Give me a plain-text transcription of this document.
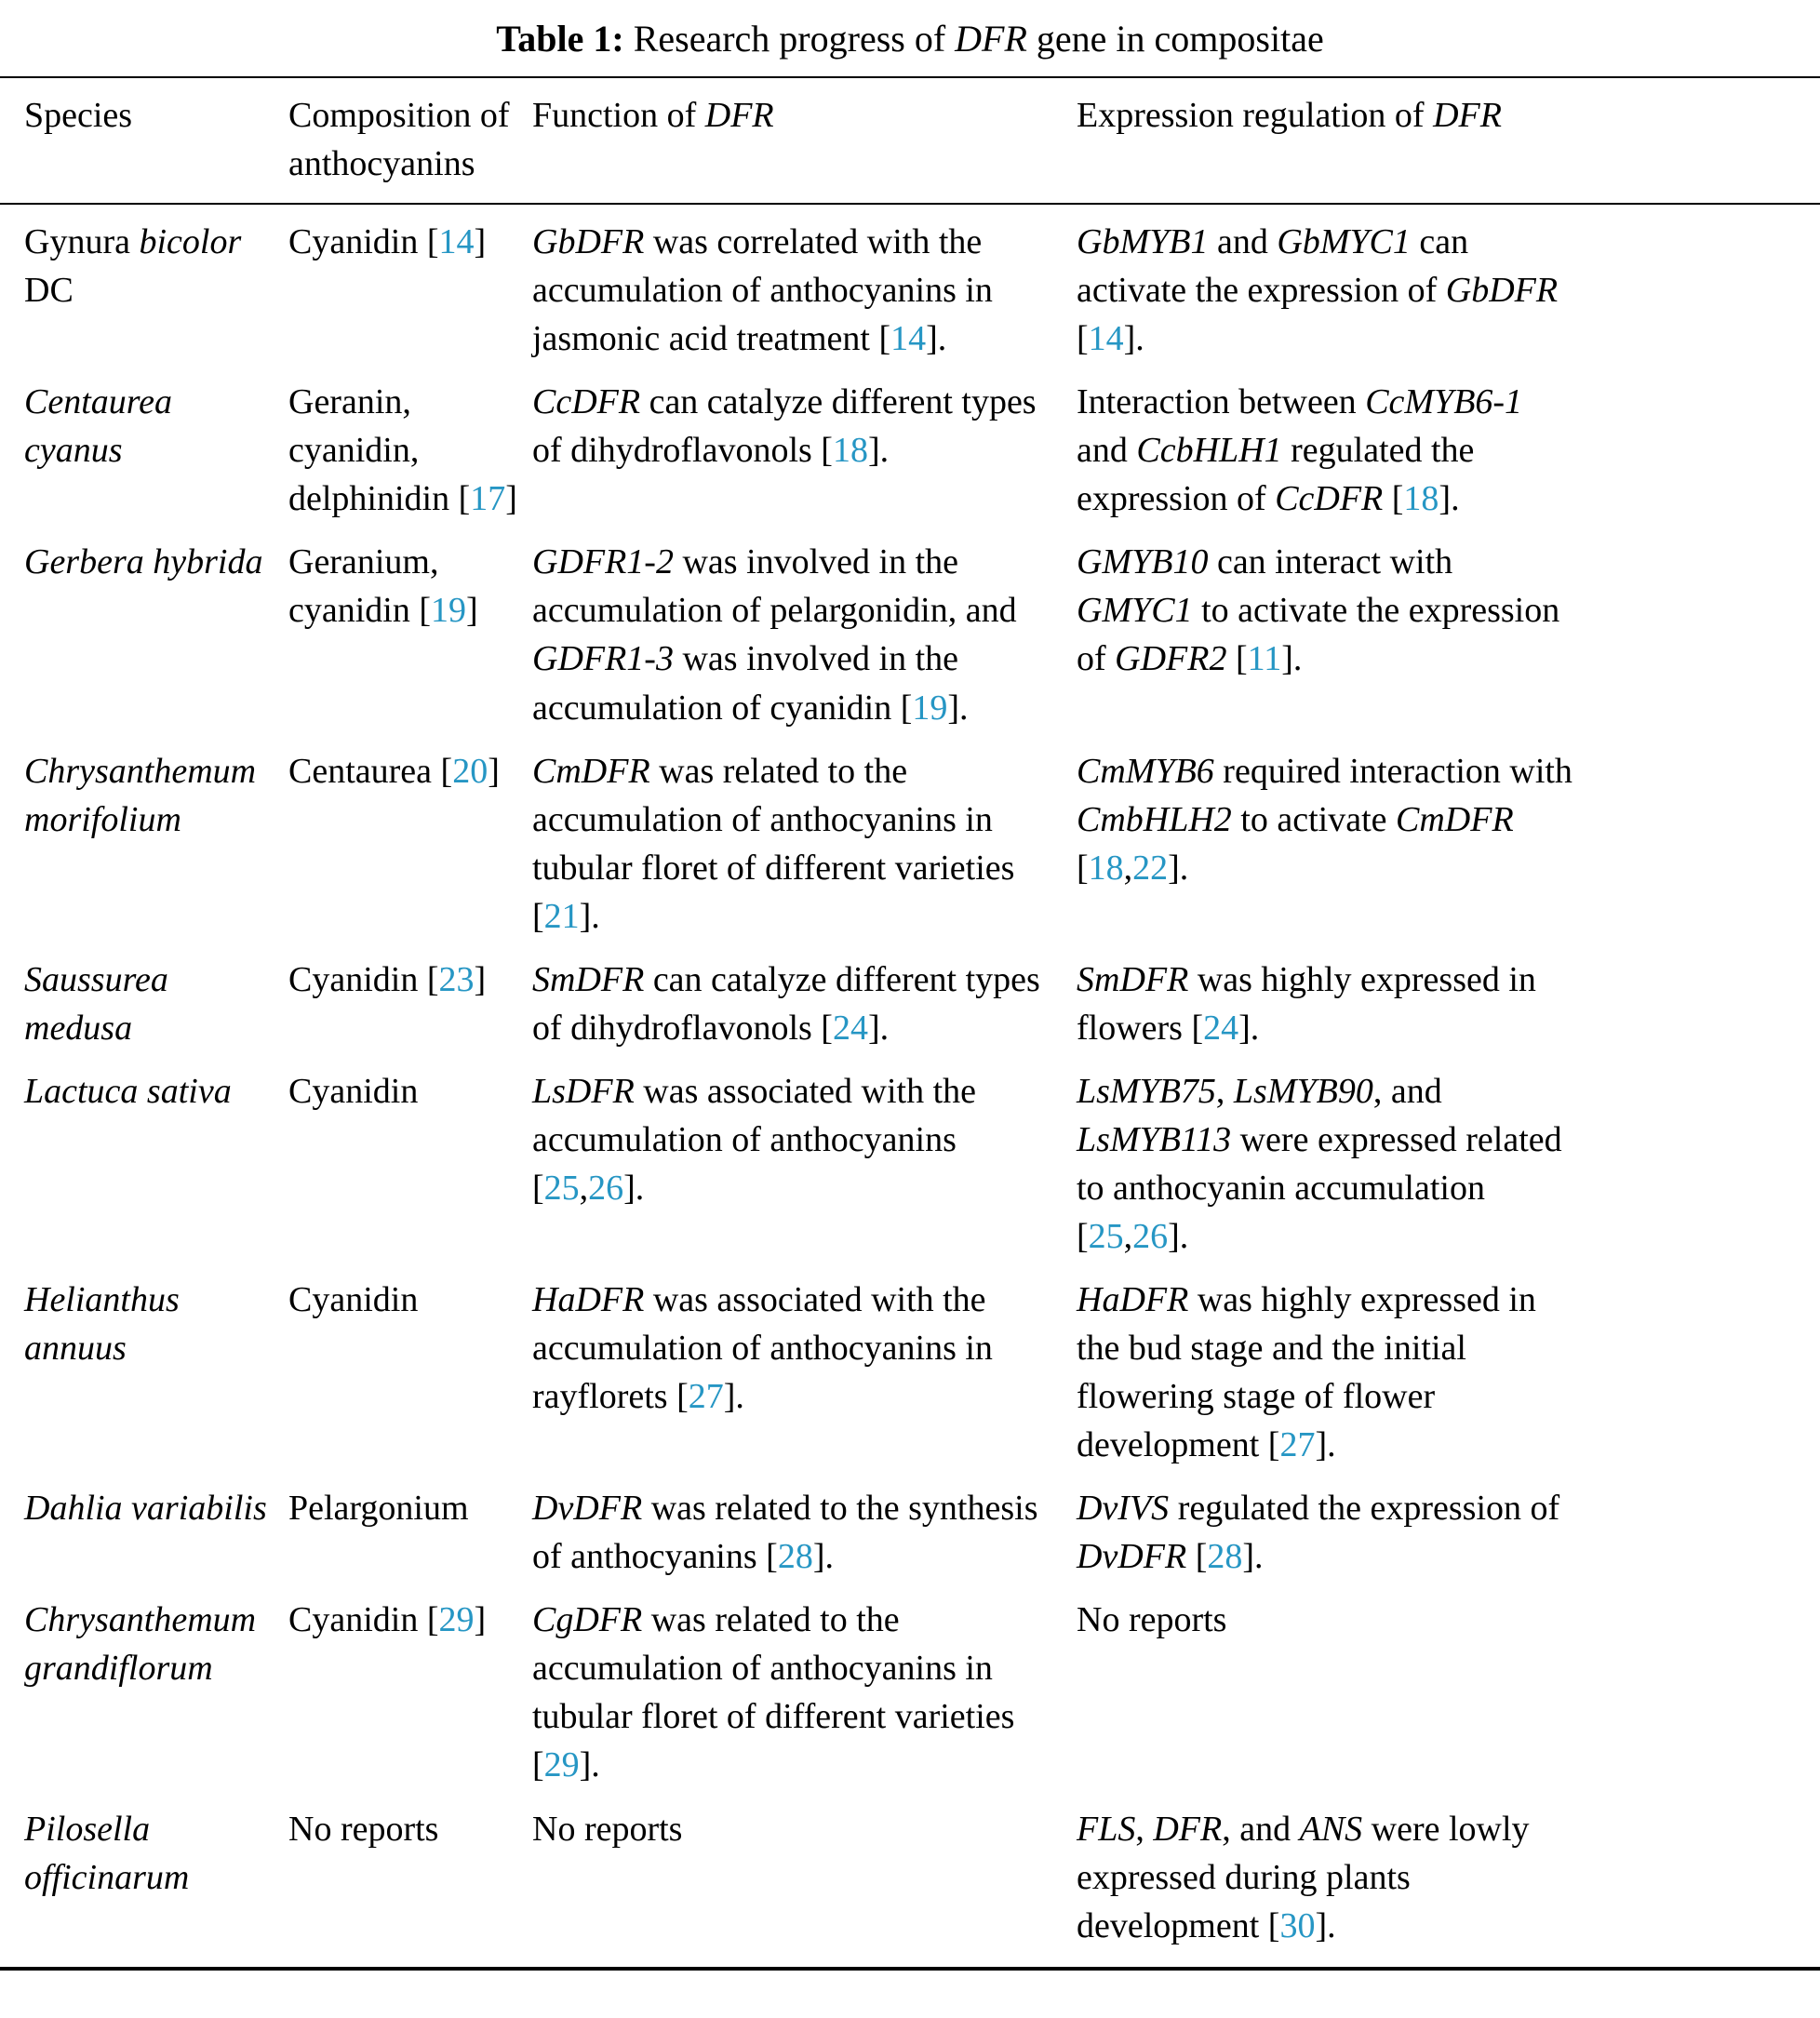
Table 1: Research progress of DFR gene in compositae
Species	Composition of anthocyanins	Function of DFR	Expression regulation of DFR
Gynura bicolor DC	Cyanidin [14]	GbDFR was correlated with the accumulation of anthocyanins in jasmonic acid treatment [14].	GbMYB1 and GbMYC1 can activate the expression of GbDFR [14].
Centaurea cyanus	Geranin, cyanidin, delphinidin [17]	CcDFR can catalyze different types of dihydroflavonols [18].	Interaction between CcMYB6-1 and CcbHLH1 regulated the expression of CcDFR [18].
Gerbera hybrida	Geranium, cyanidin [19]	GDFR1-2 was involved in the accumulation of pelargonidin, and GDFR1-3 was involved in the accumulation of cyanidin [19].	GMYB10 can interact with GMYC1 to activate the expression of GDFR2 [11].
Chrysanthemum morifolium	Centaurea [20]	CmDFR was related to the accumulation of anthocyanins in tubular floret of different varieties [21].	CmMYB6 required interaction with CmbHLH2 to activate CmDFR [18,22].
Saussurea medusa	Cyanidin [23]	SmDFR can catalyze different types of dihydroflavonols [24].	SmDFR was highly expressed in flowers [24].
Lactuca sativa	Cyanidin	LsDFR was associated with the accumulation of anthocyanins [25,26].	LsMYB75, LsMYB90, and LsMYB113 were expressed related to anthocyanin accumulation [25,26].
Helianthus annuus	Cyanidin	HaDFR was associated with the accumulation of anthocyanins in rayflorets [27].	HaDFR was highly expressed in the bud stage and the initial flowering stage of flower development [27].
Dahlia variabilis	Pelargonium	DvDFR was related to the synthesis of anthocyanins [28].	DvIVS regulated the expression of DvDFR [28].
Chrysanthemum grandiflorum	Cyanidin [29]	CgDFR was related to the accumulation of anthocyanins in tubular floret of different varieties [29].	No reports
Pilosella officinarum	No reports	No reports	FLS, DFR, and ANS were lowly expressed during plants development [30].
